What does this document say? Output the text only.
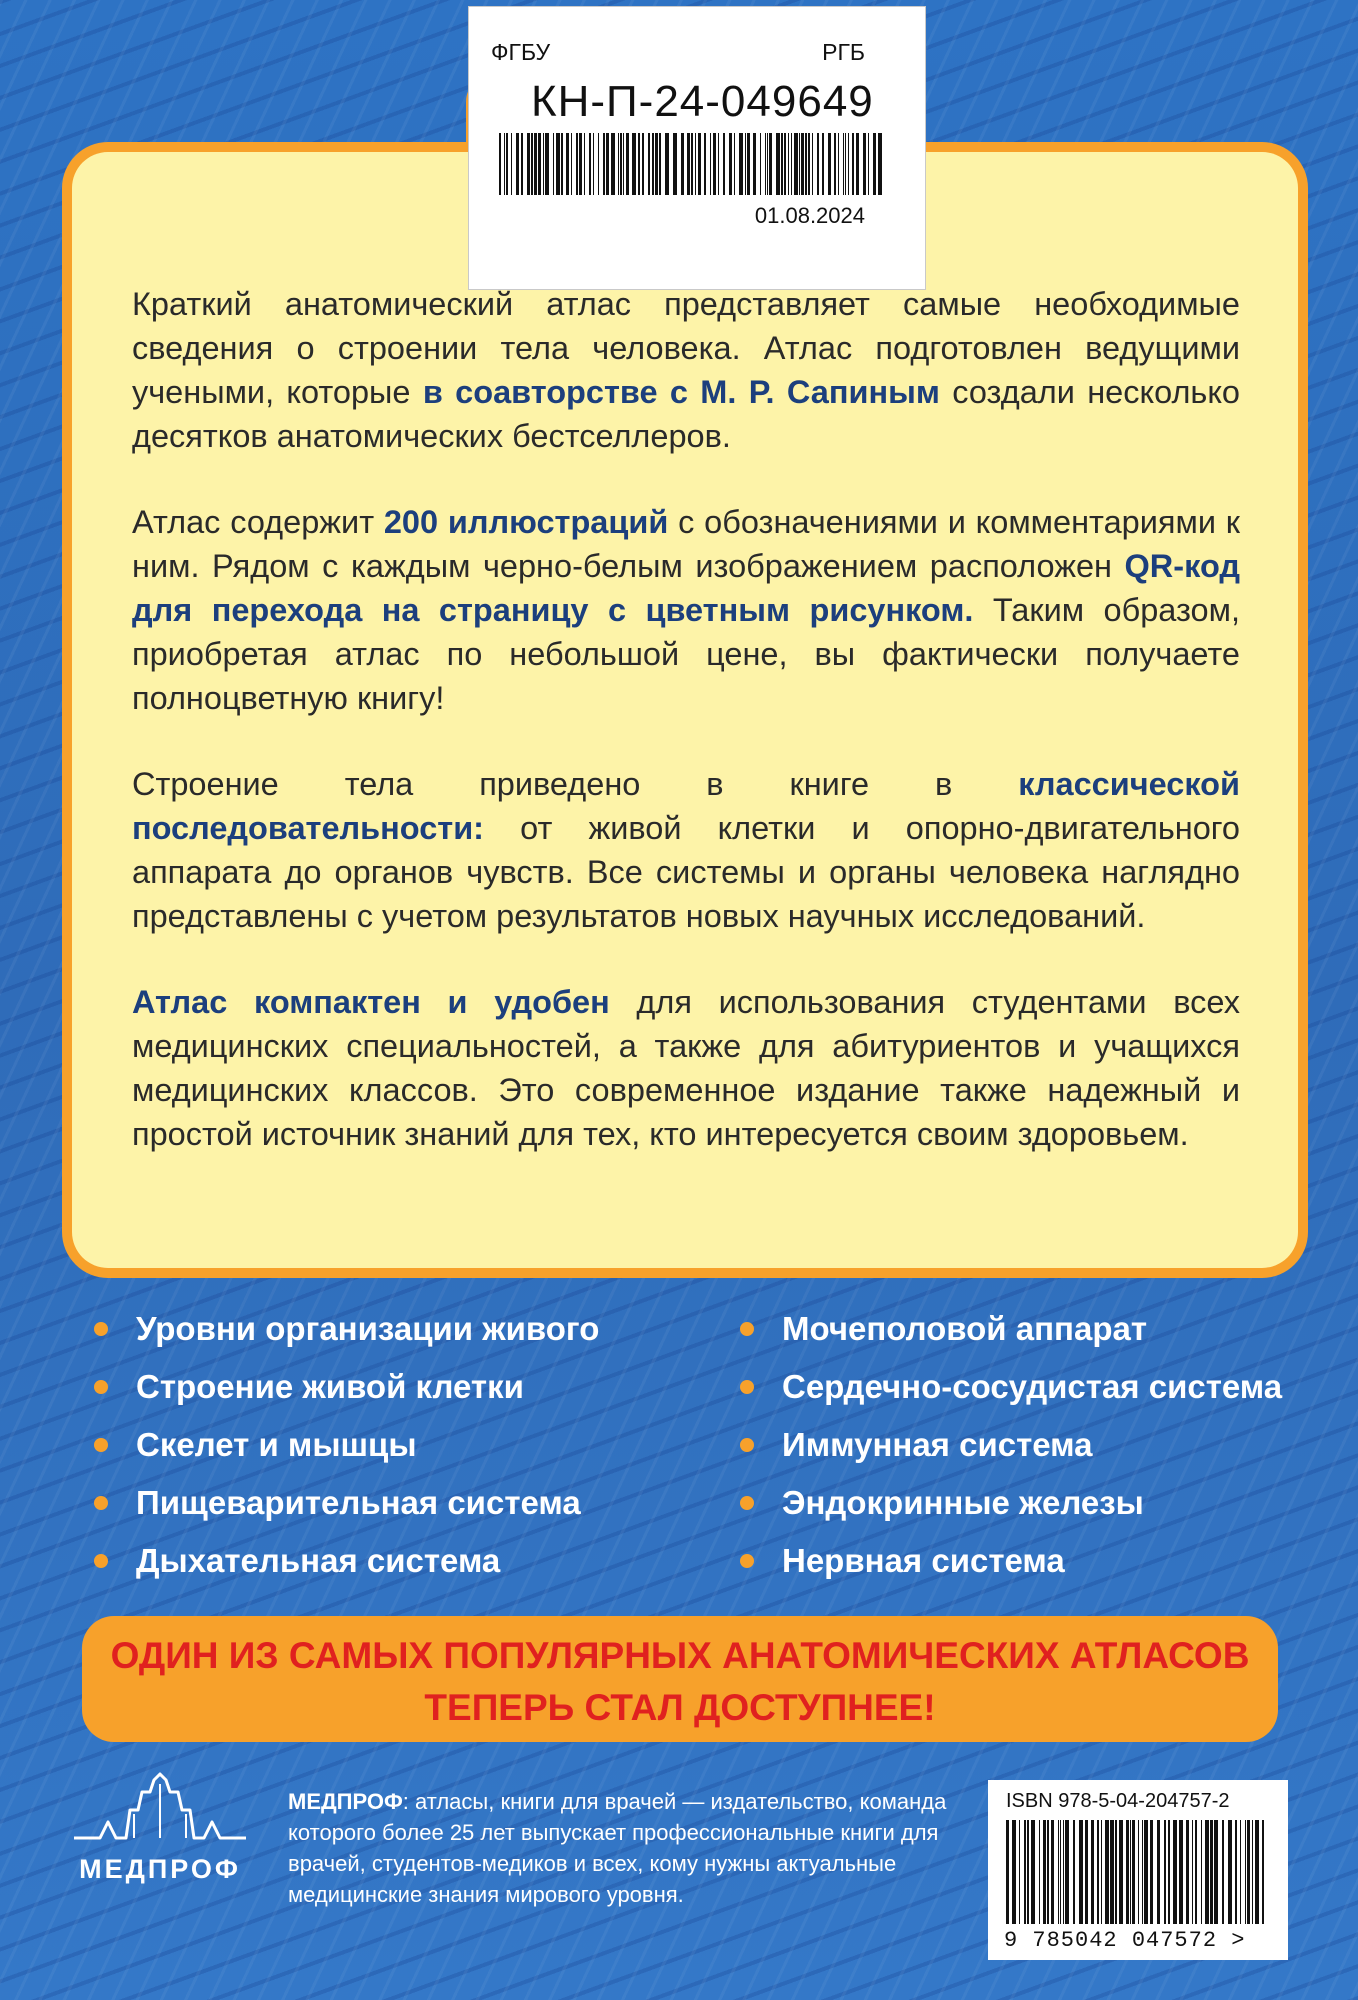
ФГБУ	РГБ
КН-П-24-049649
01.08.2024

Краткий анатомический атлас представляет самые необходимые сведения о строении тела человека. Атлас подготовлен ведущими учеными, которые в соавторстве с М. Р. Сапиным создали несколько десятков анатомических бестселлеров.

Атлас содержит 200 иллюстраций с обозначениями и комментариями к ним. Рядом с каждым черно-белым изображением расположен QR-код для перехода на страницу с цветным рисунком. Таким образом, приобретая атлас по небольшой цене, вы фактически получаете полноцветную книгу!

Строение тела приведено в книге в классической последовательности: от живой клетки и опорно-двигательного аппарата до органов чувств. Все системы и органы человека наглядно представлены с учетом результатов новых научных исследований.

Атлас компактен и удобен для использования студентами всех медицинских специальностей, а также для абитуриентов и учащихся медицинских классов. Это современное издание также надежный и простой источник знаний для тех, кто интересуется своим здоровьем.

Уровни организации живого
Строение живой клетки
Скелет и мышцы
Пищеварительная система
Дыхательная система
Мочеполовой аппарат
Сердечно-сосудистая система
Иммунная система
Эндокринные железы
Нервная система
ОДИН ИЗ САМЫХ ПОПУЛЯРНЫХ АНАТОМИЧЕСКИХ АТЛАСОВ
ТЕПЕРЬ СТАЛ ДОСТУПНЕЕ!
МЕДПРОФ
МЕДПРОФ: атласы, книги для врачей — издательство, команда которого более 25 лет выпускает профессиональные книги для врачей, студентов-медиков и всех, кому нужны актуальные медицинские знания мирового уровня.
ISBN 978-5-04-204757-2
9 785042 047572 >
